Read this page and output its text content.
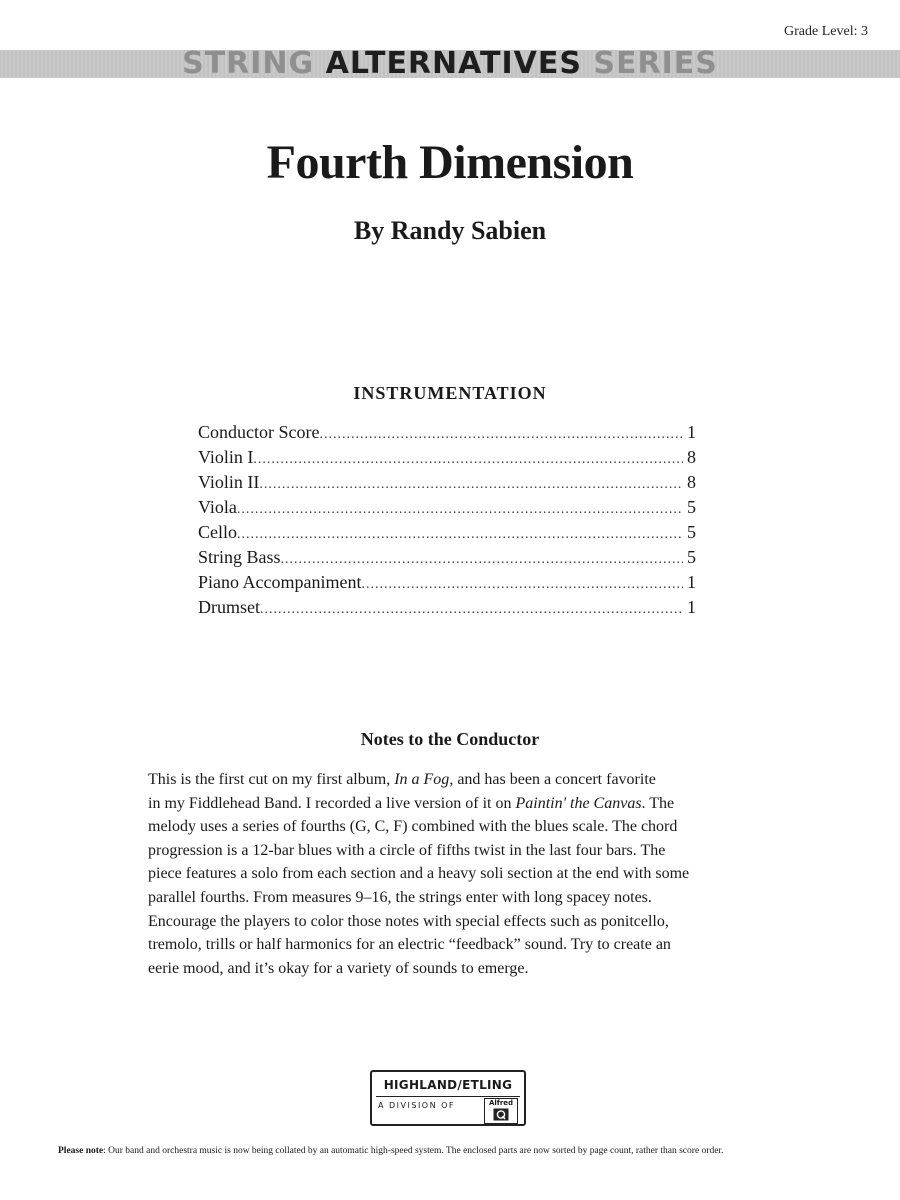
Grade Level: 3
STRING ALTERNATIVES SERIES
Fourth Dimension
By Randy Sabien
INSTRUMENTATION
Conductor Score .....	1
Violin I .....	8
Violin II .....	8
Viola .....	5
Cello .....	5
String Bass .....	5
Piano Accompaniment .....	1
Drumset .....	1
Notes to the Conductor

This is the first cut on my first album, In a Fog, and has been a concert favorite
in my Fiddlehead Band. I recorded a live version of it on Paintin' the Canvas. The
melody uses a series of fourths (G, C, F) combined with the blues scale. The chord
progression is a 12-bar blues with a circle of fifths twist in the last four bars. The
piece features a solo from each section and a heavy soli section at the end with some
parallel fourths. From measures 9–16, the strings enter with long spacey notes.
Encourage the players to color those notes with special effects such as ponitcello,
tremolo, trills or half harmonics for an electric “feedback” sound. Try to create an
eerie mood, and it’s okay for a variety of sounds to emerge.

HIGHLAND/ETLING
A DIVISION OF	Alfred
Please note: Our band and orchestra music is now being collated by an automatic high-speed system. The enclosed parts are now sorted by page count, rather than score order.
